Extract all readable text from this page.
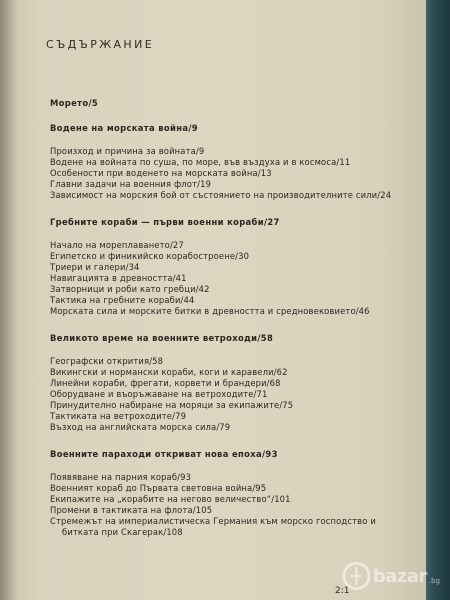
СЪДЪРЖАНИЕ
Морето/5
Водене на морската война/9
Произход и причина за войната/9
Водене на войната по суша, по море, във въздуха и в космоса/11
Особености при воденето на морската война/13
Главни задачи на военния флот/19
Зависимост на морския бой от състоянието на производителните сили/24
Гребните кораби — първи военни кораби/27
Начало на мореплаването/27
Египетско и финикийско корабостроене/30
Триери и галери/34
Навигацията в древността/41
Затворници и роби като гребци/42
Тактика на гребните кораби/44
Морската сила и морските битки в древността и средновековието/46
Великото време на военните ветроходи/58
Географски открития/58
Викингски и нормански кораби, коги и каравели/62
Линейни кораби, фрегати, корвети и брандери/68
Оборудване и въоръжаване на ветроходите/71
Принудително набиране на моряци за екипажите/75
Тактиката на ветроходите/79
Възход на английската морска сила/79
Военните параходи откриват нова епоха/93
Появяване на парния кораб/93
Военният кораб до Първата световна война/95
Екипажите на „корабите на негово величество“/101
Промени в тактиката на флота/105
Стремежът на империалистическа Германия към морско господство и
битката при Скагерак/108
2:1
bazar .bg
